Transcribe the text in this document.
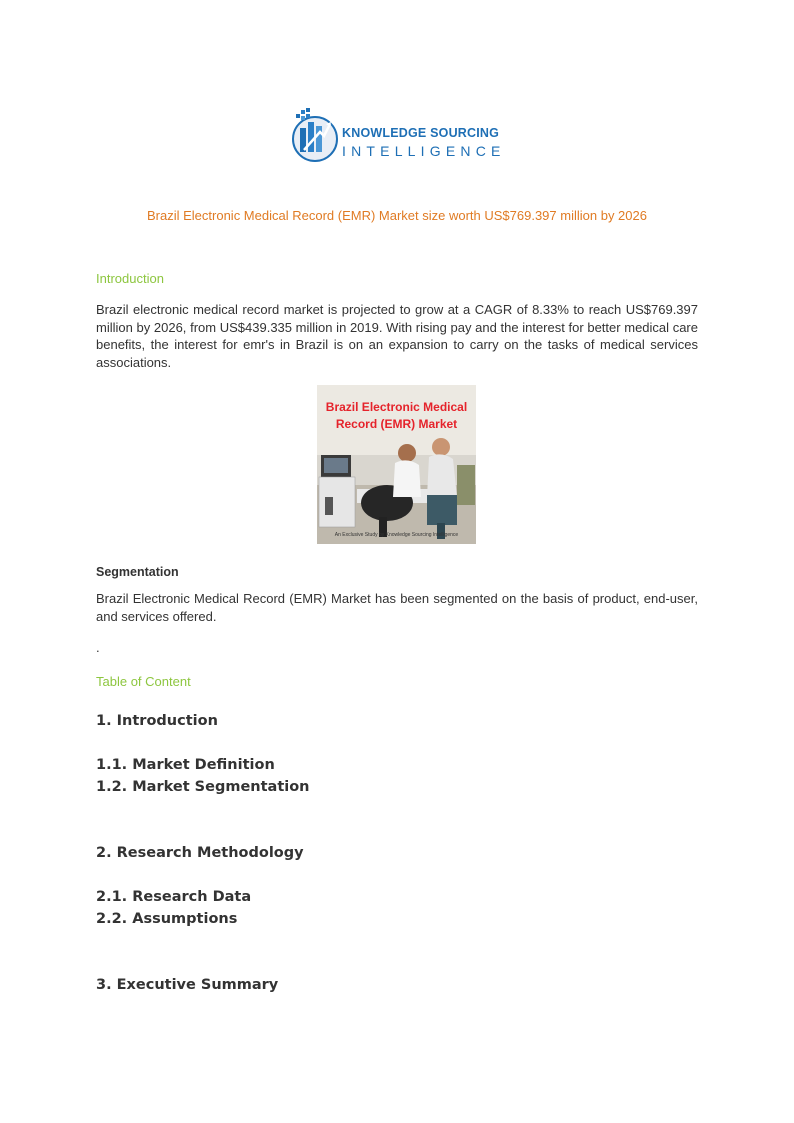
KNOWLEDGE SOURCING
INTELLIGENCE
Brazil Electronic Medical Record (EMR) Market size worth US$769.397 million by 2026
Introduction

Brazil electronic medical record market is projected to grow at a CAGR of 8.33% to reach US$769.397 million by 2026, from US$439.335 million in 2019. With rising pay and the interest for better medical care benefits, the interest for emr's in Brazil is on an expansion to carry on the tasks of medical services associations.

Brazil Electronic Medical Record (EMR) Market
An Exclusive Study by Knowledge Sourcing Intelligence
Segmentation

Brazil Electronic Medical Record (EMR) Market has been segmented on the basis of product, end-user, and services offered.

.
Table of Content
1. Introduction
1.1. Market Definition
1.2. Market Segmentation
2. Research Methodology
2.1. Research Data
2.2. Assumptions
3. Executive Summary
